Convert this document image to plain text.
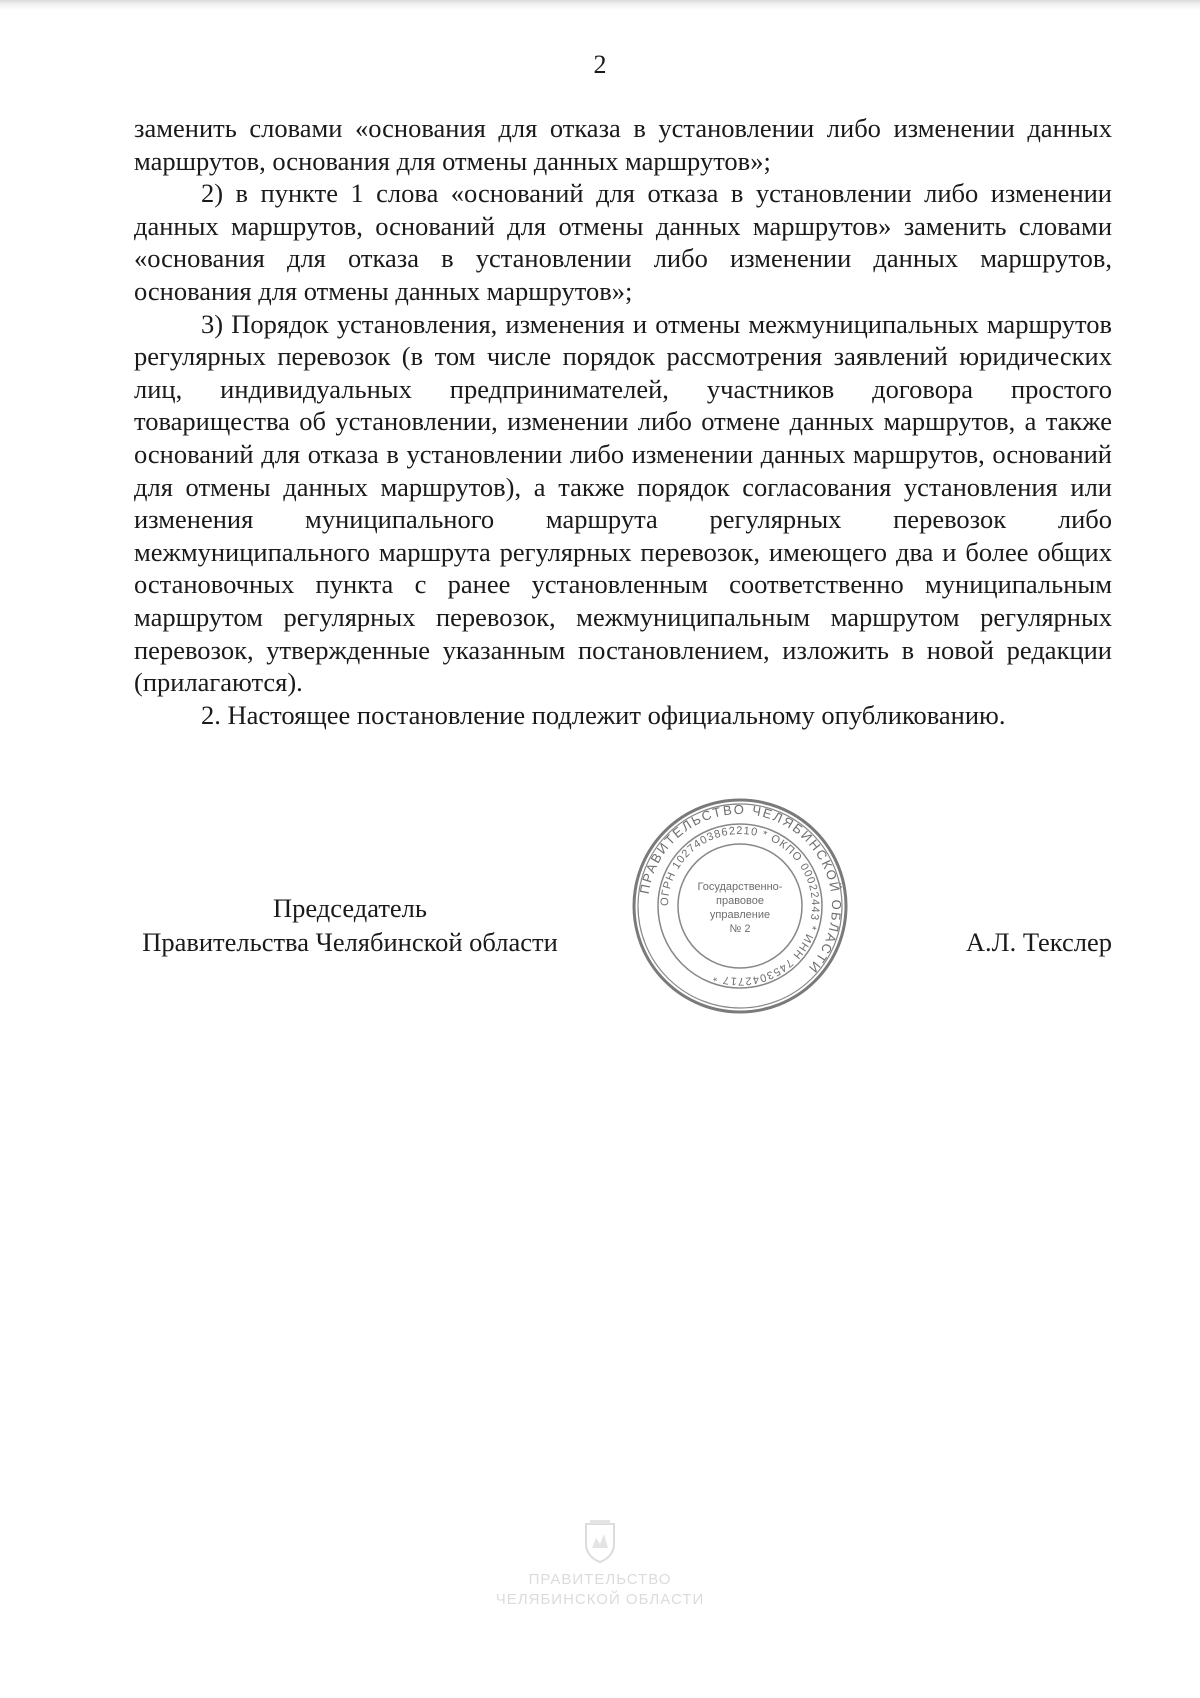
2

заменить словами «основания для отказа в установлении либо изменении данных маршрутов, основания для отмены данных маршрутов»;

2) в пункте 1 слова «оснований для отказа в установлении либо изменении данных маршрутов, оснований для отмены данных маршрутов» заменить словами «основания для отказа в установлении либо изменении данных маршрутов, основания для отмены данных маршрутов»;

3) Порядок установления, изменения и отмены межмуниципальных маршрутов регулярных перевозок (в том числе порядок рассмотрения заявлений юридических лиц, индивидуальных предпринимателей, участников договора простого товарищества об установлении, изменении либо отмене данных маршрутов, а также оснований для отказа в установлении либо изменении данных маршрутов, оснований для отмены данных маршрутов), а также порядок согласования установления или изменения муниципального маршрута регулярных перевозок либо межмуниципального маршрута регулярных перевозок, имеющего два и более общих остановочных пункта с ранее установленным соответственно муниципальным маршрутом регулярных перевозок, межмуниципальным маршрутом регулярных перевозок, утвержденные указанным постановлением, изложить в новой редакции (прилагаются).

2. Настоящее постановление подлежит официальному опубликованию.

Председатель
Правительства Челябинской области
ПРАВИТЕЛЬСТВО ЧЕЛЯБИНСКОЙ ОБЛАСТИ
ОГРН 1027403862210 * ОКПО 00022443 * ИНН 7453042717 *
Государственно-
правовое
управление
№ 2	А.Л. Текслер
ПРАВИТЕЛЬСТВО
ЧЕЛЯБИНСКОЙ ОБЛАСТИ
